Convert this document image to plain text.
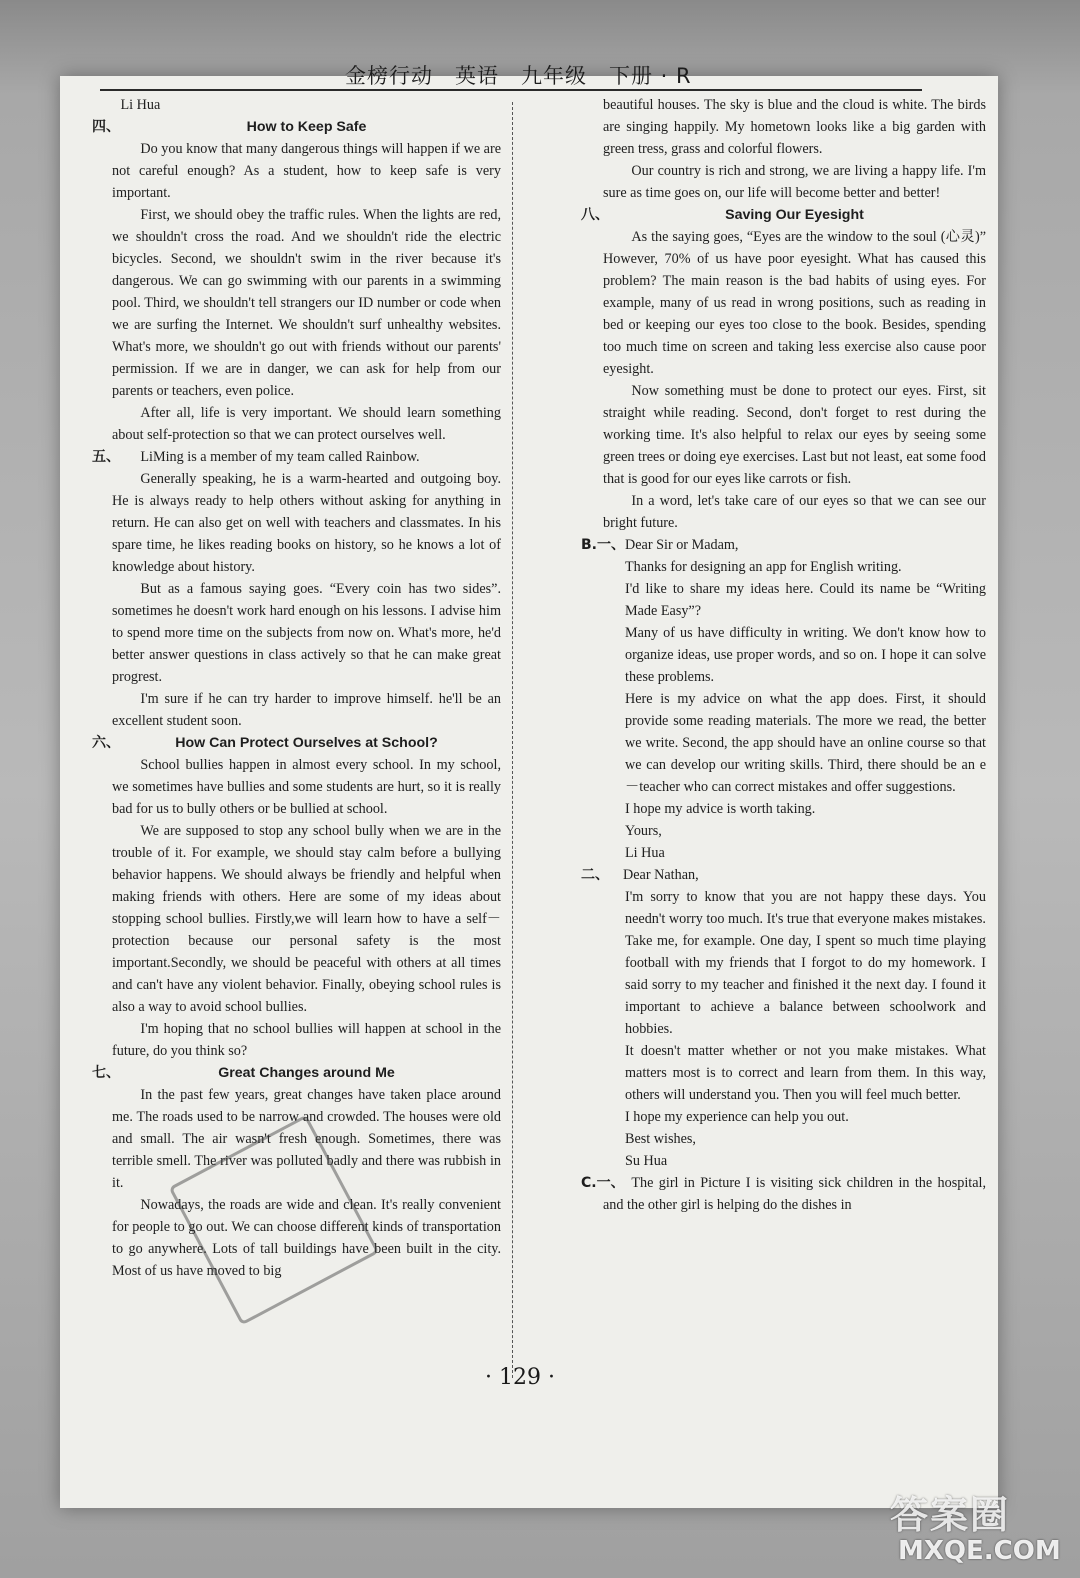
金榜行动　英语　九年级　下册 · R
Li Hua
四、	How to Keep Safe
Do you know that many dangerous things will happen if we are not careful enough? As a student, how to keep safe is very important.
First, we should obey the traffic rules. When the lights are red, we shouldn't cross the road. And we shouldn't ride the electric bicycles. Second, we shouldn't swim in the river because it's dangerous. We can go swimming with our parents in a swimming pool. Third, we shouldn't tell strangers our ID number or code when we are surfing the Internet. We shouldn't surf unhealthy websites. What's more, we shouldn't go out with friends without our parents' permission. If we are in danger, we can ask for help from our parents or teachers, even police.
After all, life is very important. We should learn something about self-protection so that we can protect ourselves well.
五、 LiMing is a member of my team called Rainbow.
Generally speaking, he is a warm-hearted and outgoing boy. He is always ready to help others without asking for anything in return. He can also get on well with teachers and classmates. In his spare time, he likes reading books on history, so he knows a lot of knowledge about history.
But as a famous saying goes. “Every coin has two sides”. sometimes he doesn't work hard enough on his lessons. I advise him to spend more time on the subjects from now on. What's more, he'd better answer questions in class actively so that he can make great progrest.
I'm sure if he can try harder to improve himself. he'll be an excellent student soon.
六、	How Can Protect Ourselves at School?
School bullies happen in almost every school. In my school, we sometimes have bullies and some students are hurt, so it is really bad for us to bully others or be bullied at school.
We are supposed to stop any school bully when we are in the trouble of it. For example, we should stay calm before a bullying behavior happens. We should always be friendly and helpful when making friends with others. Here are some of my ideas about stopping school bullies. Firstly,we will learn how to have a self－protection because our personal safety is the most important.Secondly, we should be peaceful with others at all times and can't have any violent behavior. Finally, obeying school rules is also a way to avoid school bullies.
I'm hoping that no school bullies will happen at school in the future, do you think so?
七、	Great Changes around Me
In the past few years, great changes have taken place around me. The roads used to be narrow and crowded. The houses were old and small. The air wasn't fresh enough. Sometimes, there was terrible smell. The river was polluted badly and there was rubbish in it.
Nowadays, the roads are wide and clean. It's really convenient for people to go out. We can choose different kinds of transportation to go anywhere. Lots of tall buildings have been built in the city. Most of us have moved to big
beautiful houses. The sky is blue and the cloud is white. The birds are singing happily. My hometown looks like a big garden with green tress, grass and colorful flowers.
Our country is rich and strong, we are living a happy life. I'm sure as time goes on, our life will become better and better!
八、	Saving Our Eyesight
As the saying goes, “Eyes are the window to the soul (心灵)” However, 70% of us have poor eyesight. What has caused this problem? The main reason is the bad habits of using eyes. For example, many of us read in wrong positions, such as reading in bed or keeping our eyes too close to the book. Besides, spending too much time on screen and taking less exercise also cause poor eyesight.
Now something must be done to protect our eyes. First, sit straight while reading. Second, don't forget to rest during the working time. It's also helpful to relax our eyes by seeing some green trees or doing eye exercises. Last but not least, eat some food that is good for our eyes like carrots or fish.
In a word, let's take care of our eyes so that we can see our bright future.
B.一、 Dear Sir or Madam,
Thanks for designing an app for English writing.
I'd like to share my ideas here. Could its name be “Writing Made Easy”?
Many of us have difficulty in writing. We don't know how to organize ideas, use proper words, and so on. I hope it can solve these problems.
Here is my advice on what the app does. First, it should provide some reading materials. The more we read, the better we write. Second, the app should have an online course so that we can develop our writing skills. Third, there should be an e－teacher who can correct mistakes and offer suggestions.
I hope my advice is worth taking.
Yours,
Li Hua
二、 Dear Nathan,
I'm sorry to know that you are not happy these days. You needn't worry too much. It's true that everyone makes mistakes.
Take me, for example. One day, I spent so much time playing football with my friends that I forgot to do my homework. I said sorry to my teacher and finished it the next day. I found it important to achieve a balance between schoolwork and hobbies.
It doesn't matter whether or not you make mistakes. What matters most is to correct and learn from them. In this way, others will understand you. Then you will feel much better.
I hope my experience can help you out.
Best wishes,
Su Hua
C.一、 The girl in Picture I is visiting sick children in the hospital, and the other girl is helping do the dishes in
· 129 ·
答案圈
MXQE.COM
